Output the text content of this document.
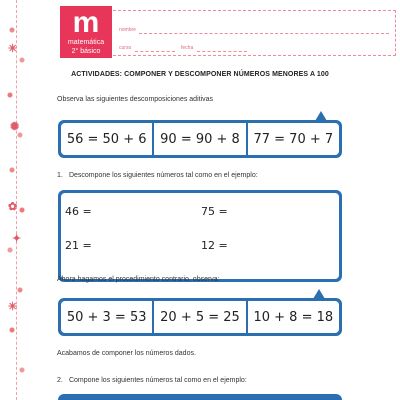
✳
✺
✿
✦
✳
m
matemática
2° básico
nombre
curso	fecha
ACTIVIDADES: COMPONER Y DESCOMPONER NÚMEROS MENORES A 100
Observa las siguientes descomposiciones aditivas
56 = 50 + 6	90 = 90 + 8	77 = 70 + 7
1. Descompone los siguientes números tal como en el ejemplo:
46 =	75 =
21 =	12 =
Ahora hagamos el procedimiento contrario, observa:
50 + 3 = 53	20 + 5 = 25	10 + 8 = 18
Acabamos de componer los números dados.
2. Compone los siguientes números tal como en el ejemplo:
